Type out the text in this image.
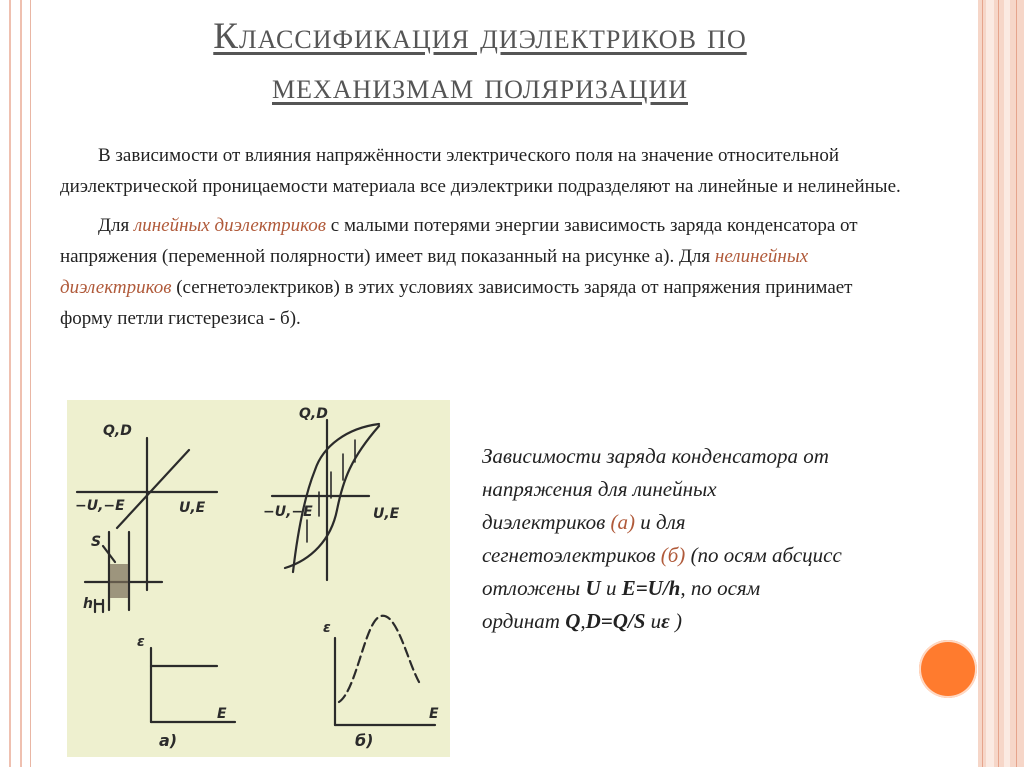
Классификация диэлектриков по
механизмам поляризации

В зависимости от влияния напряжённости электрического поля на значение относительной диэлектрической проницаемости материала все диэлектрики подразделяют на линейные и нелинейные.

Для линейных диэлектриков с малыми потерями энергии зависимость заряда конденсатора от напряжения (переменной полярности) имеет вид показанный на рисунке а). Для нелинейных диэлектриков (сегнетоэлектриков) в этих условиях зависимость заряда от напряжения принимает форму петли гистерезиса - б).

Q,D
−U,−E	U,E
S
h
ε
E
а)
Q,D
−U,−E	U,E
ε
E
б)
Зависимости заряда конденсатора от напряжения для линейных диэлектриков (а) и для сегнетоэлектриков (б) (по осям абсцисс отложены U и E=U/h, по осям ординат Q,D=Q/S иε )
